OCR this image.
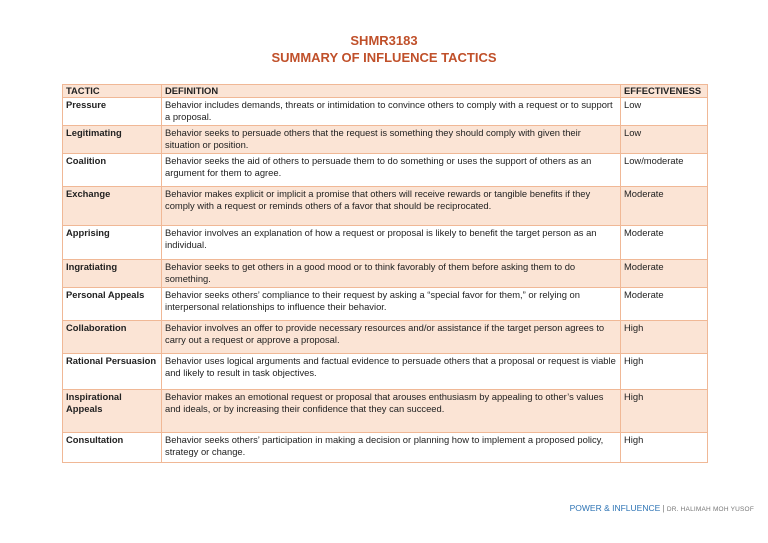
SHMR3183
SUMMARY OF INFLUENCE TACTICS
TACTIC	DEFINITION	EFFECTIVENESS
Pressure	Behavior includes demands, threats or intimidation to convince others to comply with a request or to support a proposal.	Low
Legitimating	Behavior seeks to persuade others that the request is something they should comply with given their situation or position.	Low
Coalition	Behavior seeks the aid of others to persuade them to do something or uses the support of others as an argument for them to agree.	Low/moderate
Exchange	Behavior makes explicit or implicit a promise that others will receive rewards or tangible benefits if they comply with a request or reminds others of a favor that should be reciprocated.	Moderate
Apprising	Behavior involves an explanation of how a request or proposal is likely to benefit the target person as an individual.	Moderate
Ingratiating	Behavior seeks to get others in a good mood or to think favorably of them before asking them to do something.	Moderate
Personal Appeals	Behavior seeks others’ compliance to their request by asking a “special favor for them,” or relying on interpersonal relationships to influence their behavior.	Moderate
Collaboration	Behavior involves an offer to provide necessary resources and/or assistance if the target person agrees to carry out a request or approve a proposal.	High
Rational Persuasion	Behavior uses logical arguments and factual evidence to persuade others that a proposal or request is viable and likely to result in task objectives.	High
Inspirational Appeals	Behavior makes an emotional request or proposal that arouses enthusiasm by appealing to other’s values and ideals, or by increasing their confidence that they can succeed.	High
Consultation	Behavior seeks others’ participation in making a decision or planning how to implement a proposed policy, strategy or change.	High
POWER & INFLUENCE | DR. HALIMAH MOH YUSOF
